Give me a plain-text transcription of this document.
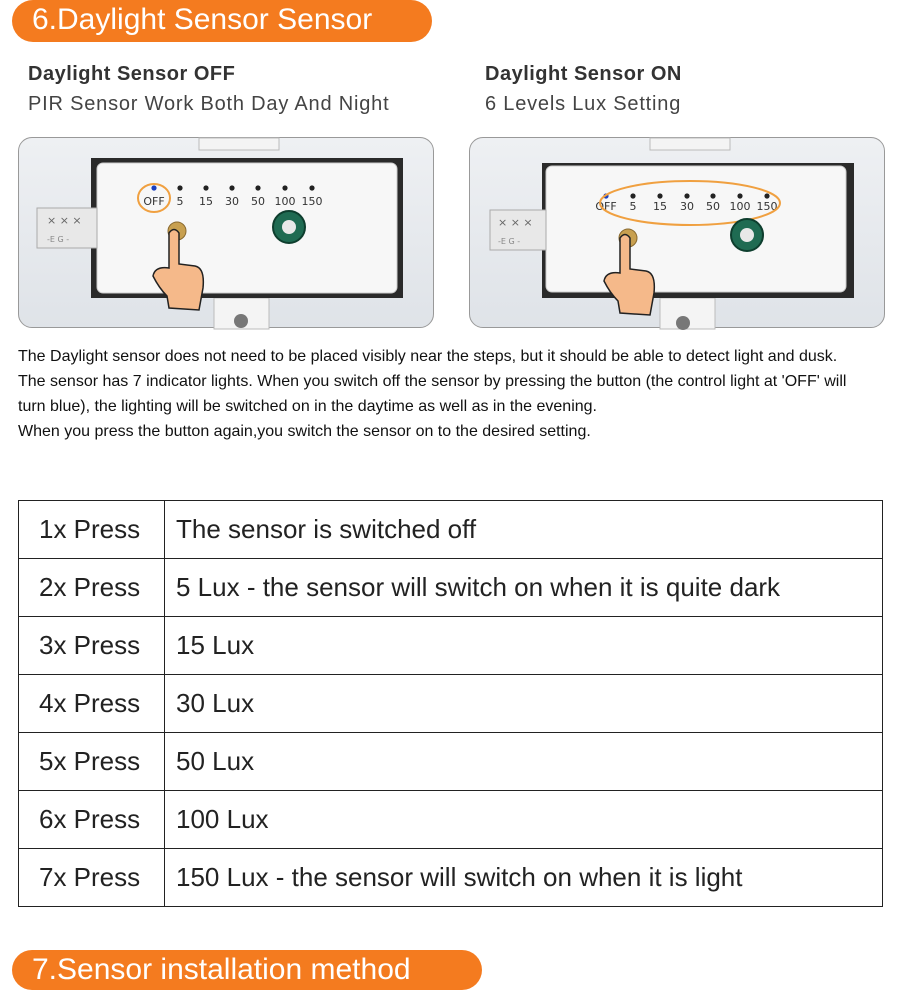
6.Daylight Sensor Sensor
Daylight Sensor OFF
PIR Sensor Work Both Day And Night
Daylight Sensor ON
6 Levels Lux Setting
× × ×
-E G -
OFF 5 15 30 50 100 150
× × ×
-E G -
OFF 5 15 30 50 100 150
The Daylight sensor does not need to be placed visibly near the steps, but it should be able to detect light and dusk.
The sensor has 7 indicator lights. When you switch off the sensor by pressing the button (the control light at 'OFF' will turn blue), the lighting will be switched on in the daytime as well as in the evening.
When you press the button again,you switch the sensor on to the desired setting.
1x Press	The sensor is switched off
2x Press	5 Lux - the sensor will switch on when it is quite dark
3x Press	15 Lux
4x Press	30 Lux
5x Press	50 Lux
6x Press	100 Lux
7x Press	150 Lux - the sensor will switch on when it is light
7.Sensor installation method
